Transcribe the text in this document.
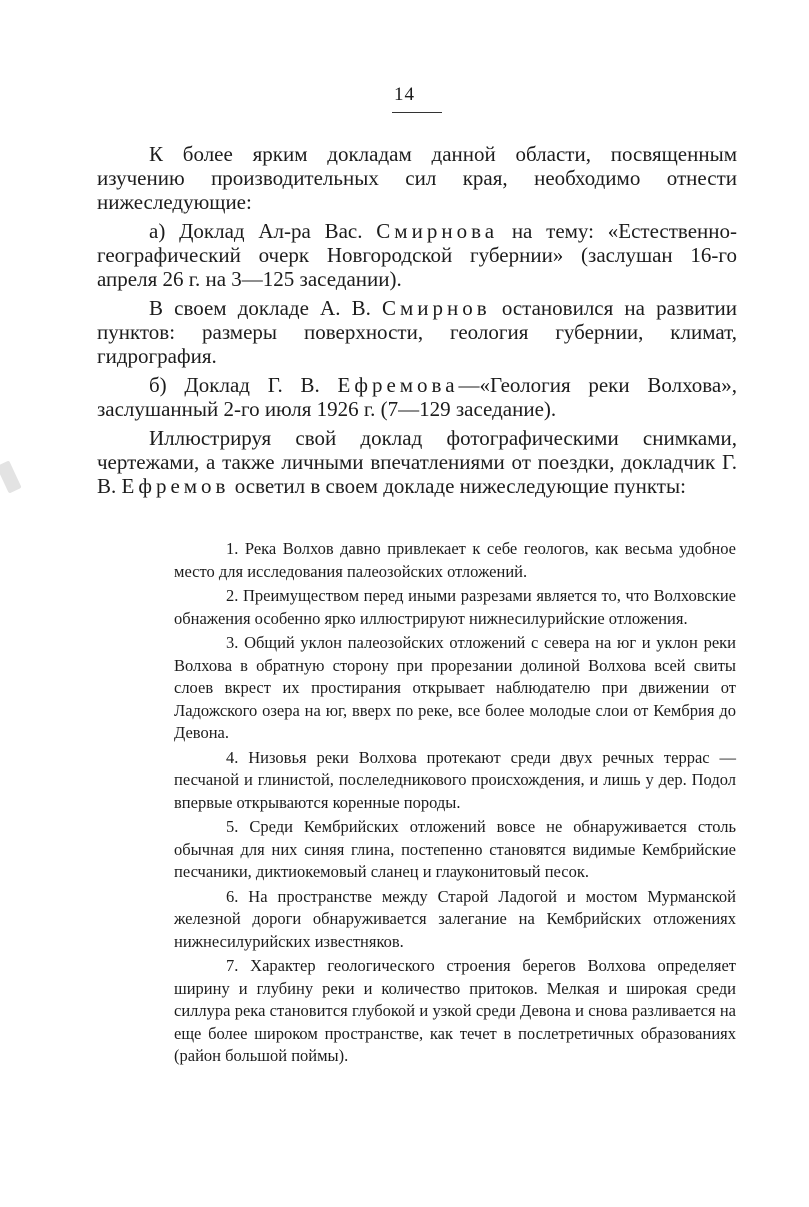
14

К более ярким докладам данной области, посвященным изучению производительных сил края, необходимо отнести нижеследующие:

а) Доклад Ал-ра Вас. Смирнова на тему: «Естественно-географический очерк Новгородской губернии» (заслушан 16-го апреля 26 г. на 3—125 заседании).

В своем докладе А. В. Смирнов остановился на развитии пунктов: размеры поверхности, геология губернии, климат, гидрография.

б) Доклад Г. В. Ефремова—«Геология реки Волхова», заслушанный 2-го июля 1926 г. (7—129 заседание).

Иллюстрируя свой доклад фотографическими снимками, чертежами, а также личными впечатлениями от поездки, докладчик Г. В. Ефремов осветил в своем докладе нижеследующие пункты:

1. Река Волхов давно привлекает к себе геологов, как весьма удобное место для исследования палеозойских отложений.

2. Преимуществом перед иными разрезами является то, что Волховские обнажения особенно ярко иллюстрируют нижнесилурийские отложения.

3. Общий уклон палеозойских отложений с севера на юг и уклон реки Волхова в обратную сторону при прорезании долиной Волхова всей свиты слоев вкрест их простирания открывает наблюдателю при движении от Ладожского озера на юг, вверх по реке, все более молодые слои от Кембрия до Девона.

4. Низовья реки Волхова протекают среди двух речных террас —песчаной и глинистой, послеледникового происхождения, и лишь у дер. Подол впервые открываются коренные породы.

5. Среди Кембрийских отложений вовсе не обнаруживается столь обычная для них синяя глина, постепенно становятся видимые Кембрийские песчаники, диктиокемовый сланец и глауконитовый песок.

6. На пространстве между Старой Ладогой и мостом Мурманской железной дороги обнаруживается залегание на Кембрийских отложениях нижнесилурийских известняков.

7. Характер геологического строения берегов Волхова определяет ширину и глубину реки и количество притоков. Мелкая и широкая среди силлура река становится глубокой и узкой среди Девона и снова разливается на еще более широком пространстве, как течет в послетретичных образованиях (район большой поймы).
